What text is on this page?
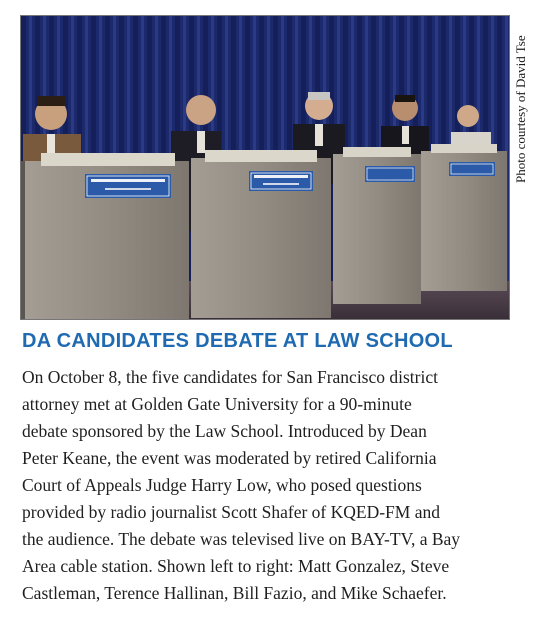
Photo courtesy of David Tse
DA CANDIDATES DEBATE AT LAW SCHOOL
On October 8, the five candidates for San Francisco district
attorney met at Golden Gate University for a 90-minute
debate sponsored by the Law School. Introduced by Dean
Peter Keane, the event was moderated by retired California
Court of Appeals Judge Harry Low, who posed questions
provided by radio journalist Scott Shafer of KQED-FM and
the audience. The debate was televised live on BAY-TV, a Bay
Area cable station. Shown left to right: Matt Gonzalez, Steve
Castleman, Terence Hallinan, Bill Fazio, and Mike Schaefer.
